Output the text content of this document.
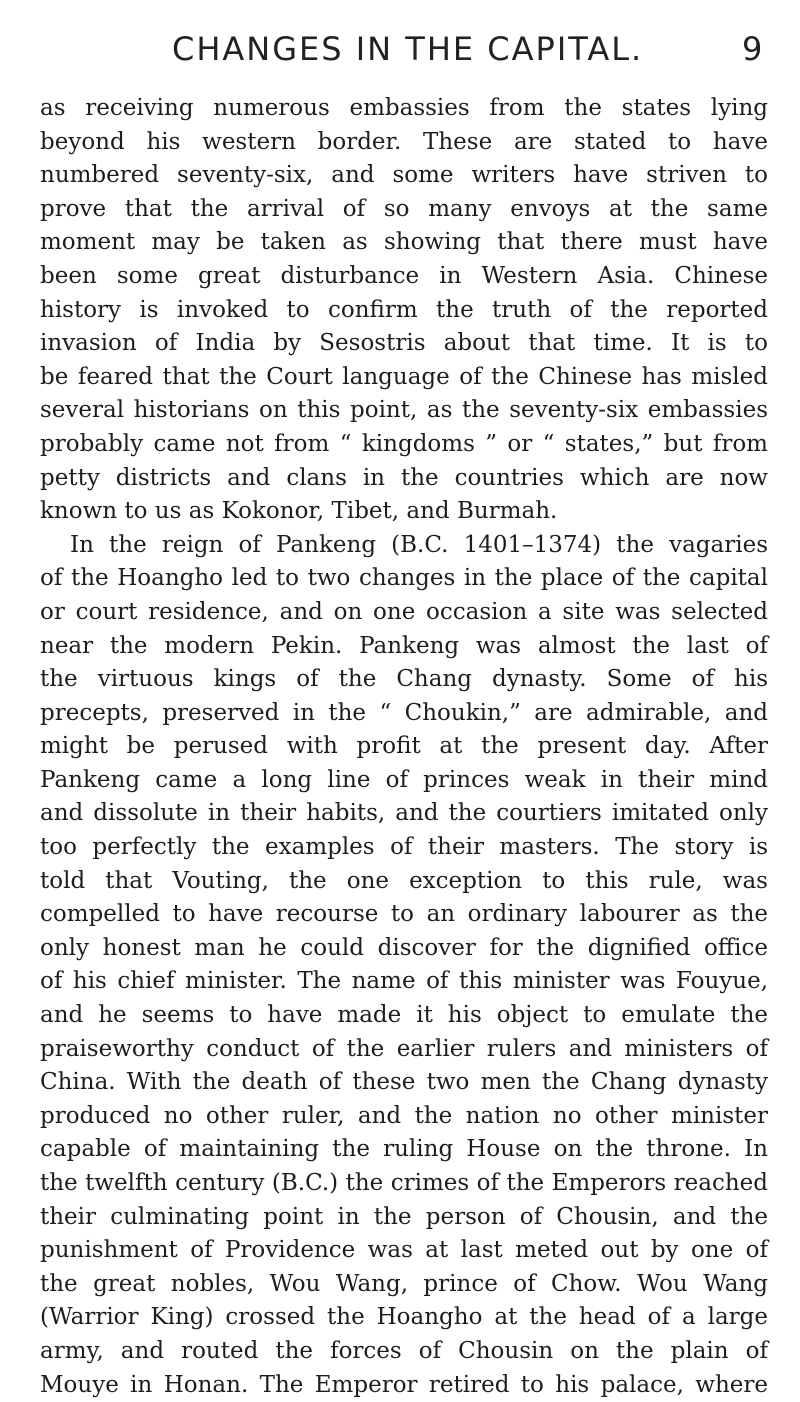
CHANGES IN THE CAPITAL.	9
as receiving numerous embassies from the states lying
beyond his western border. These are stated to have
numbered seventy-six, and some writers have striven to
prove that the arrival of so many envoys at the same
moment may be taken as showing that there must have
been some great disturbance in Western Asia. Chinese
history is invoked to confirm the truth of the reported
invasion of India by Sesostris about that time. It is to
be feared that the Court language of the Chinese has misled
several historians on this point, as the seventy-six embassies
probably came not from “ kingdoms ” or “ states,” but from
petty districts and clans in the countries which are now
known to us as Kokonor, Tibet, and Burmah.
In the reign of Pankeng (B.C. 1401–1374) the vagaries
of the Hoangho led to two changes in the place of the capital
or court residence, and on one occasion a site was selected
near the modern Pekin. Pankeng was almost the last of
the virtuous kings of the Chang dynasty. Some of his
precepts, preserved in the “ Choukin,” are admirable, and
might be perused with profit at the present day. After
Pankeng came a long line of princes weak in their mind
and dissolute in their habits, and the courtiers imitated only
too perfectly the examples of their masters. The story is
told that Vouting, the one exception to this rule, was
compelled to have recourse to an ordinary labourer as the
only honest man he could discover for the dignified office
of his chief minister. The name of this minister was Fouyue,
and he seems to have made it his object to emulate the
praiseworthy conduct of the earlier rulers and ministers of
China. With the death of these two men the Chang dynasty
produced no other ruler, and the nation no other minister
capable of maintaining the ruling House on the throne. In
the twelfth century (B.C.) the crimes of the Emperors reached
their culminating point in the person of Chousin, and the
punishment of Providence was at last meted out by one of
the great nobles, Wou Wang, prince of Chow. Wou Wang
(Warrior King) crossed the Hoangho at the head of a large
army, and routed the forces of Chousin on the plain of
Mouye in Honan. The Emperor retired to his palace, where
